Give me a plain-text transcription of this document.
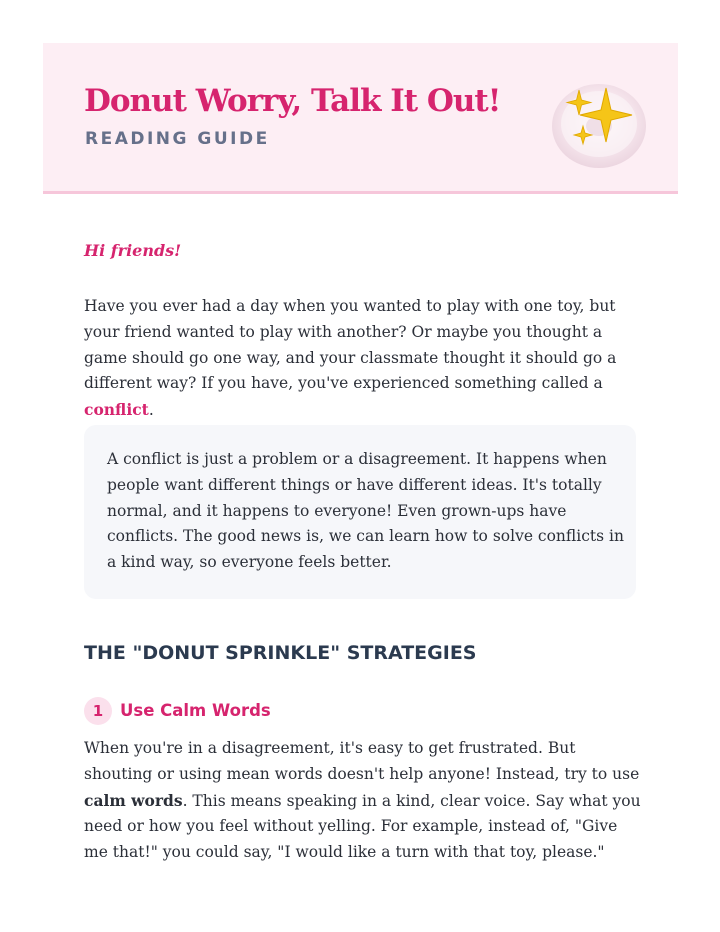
Donut Worry, Talk It Out!
READING GUIDE
Hi friends!

Have you ever had a day when you wanted to play with one toy, but your friend wanted to play with another? Or maybe you thought a game should go one way, and your classmate thought it should go a different way? If you have, you've experienced something called a conflict.

A conflict is just a problem or a disagreement. It happens when people want different things or have different ideas. It's totally normal, and it happens to everyone! Even grown-ups have conflicts. The good news is, we can learn how to solve conflicts in a kind way, so everyone feels better.

THE "DONUT SPRINKLE" STRATEGIES
1	Use Calm Words

When you're in a disagreement, it's easy to get frustrated. But shouting or using mean words doesn't help anyone! Instead, try to use calm words. This means speaking in a kind, clear voice. Say what you need or how you feel without yelling. For example, instead of, "Give me that!" you could say, "I would like a turn with that toy, please."
